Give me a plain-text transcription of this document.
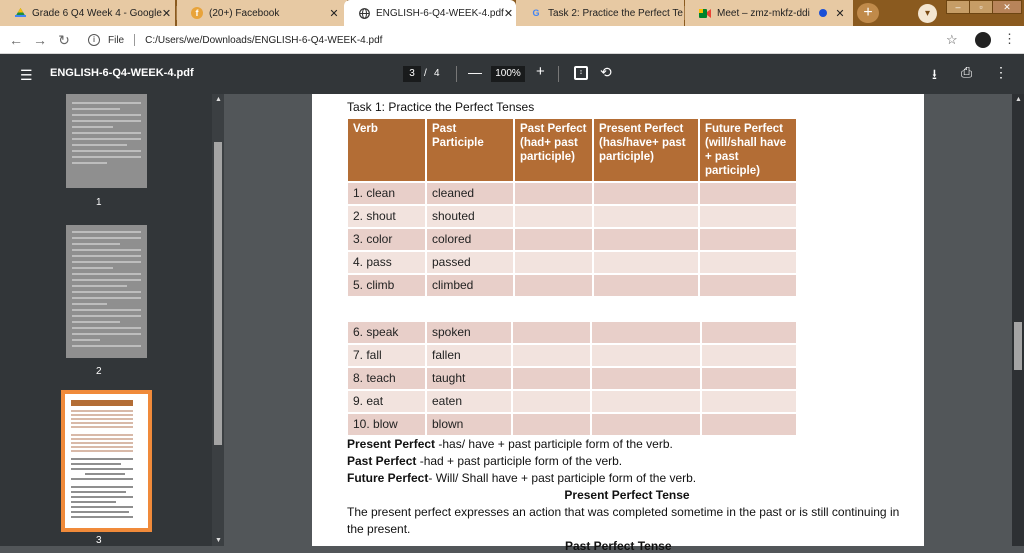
Grade 6 Q4 Week 4 - Google ✕	f	(20+) Facebook	✕	ENGLISH-6-Q4-WEEK-4.pdf ✕ G Task 2: Practice the Perfect Te	Meet – zmz-mkfz-ddi	✕	+	▾
–	▫	✕
← → ↻	i	File C:/Users/we/Downloads/ENGLISH-6-Q4-WEEK-4.pdf	☆	⋮
☰ ENGLISH-6-Q4-WEEK-4.pdf	3 / 4 —	100% +	↕	⟲	⭳ ⎙ ⋮
1
2
3
▲
▼
Task 1: Practice the Perfect Tenses
Verb	Past Participle	Past Perfect (had+ past participle)	Present Perfect (has/have+ past participle)	Future Perfect (will/shall have + past participle)
1. clean	cleaned			
2. shout	shouted			
3. color	colored			
4. pass	passed			
5. climb	climbed			
6. speak	spoken			
7. fall	fallen			
8. teach	taught			
9. eat	eaten			
10. blow	blown			
Present Perfect -has/ have + past participle form of the verb.
Past Perfect -had + past participle form of the verb.
Future Perfect- Will/ Shall have + past participle form of the verb.
Present Perfect Tense
The present perfect expresses an action that was completed sometime in the past or is still continuing in the present.
Past Perfect Tense
▲
